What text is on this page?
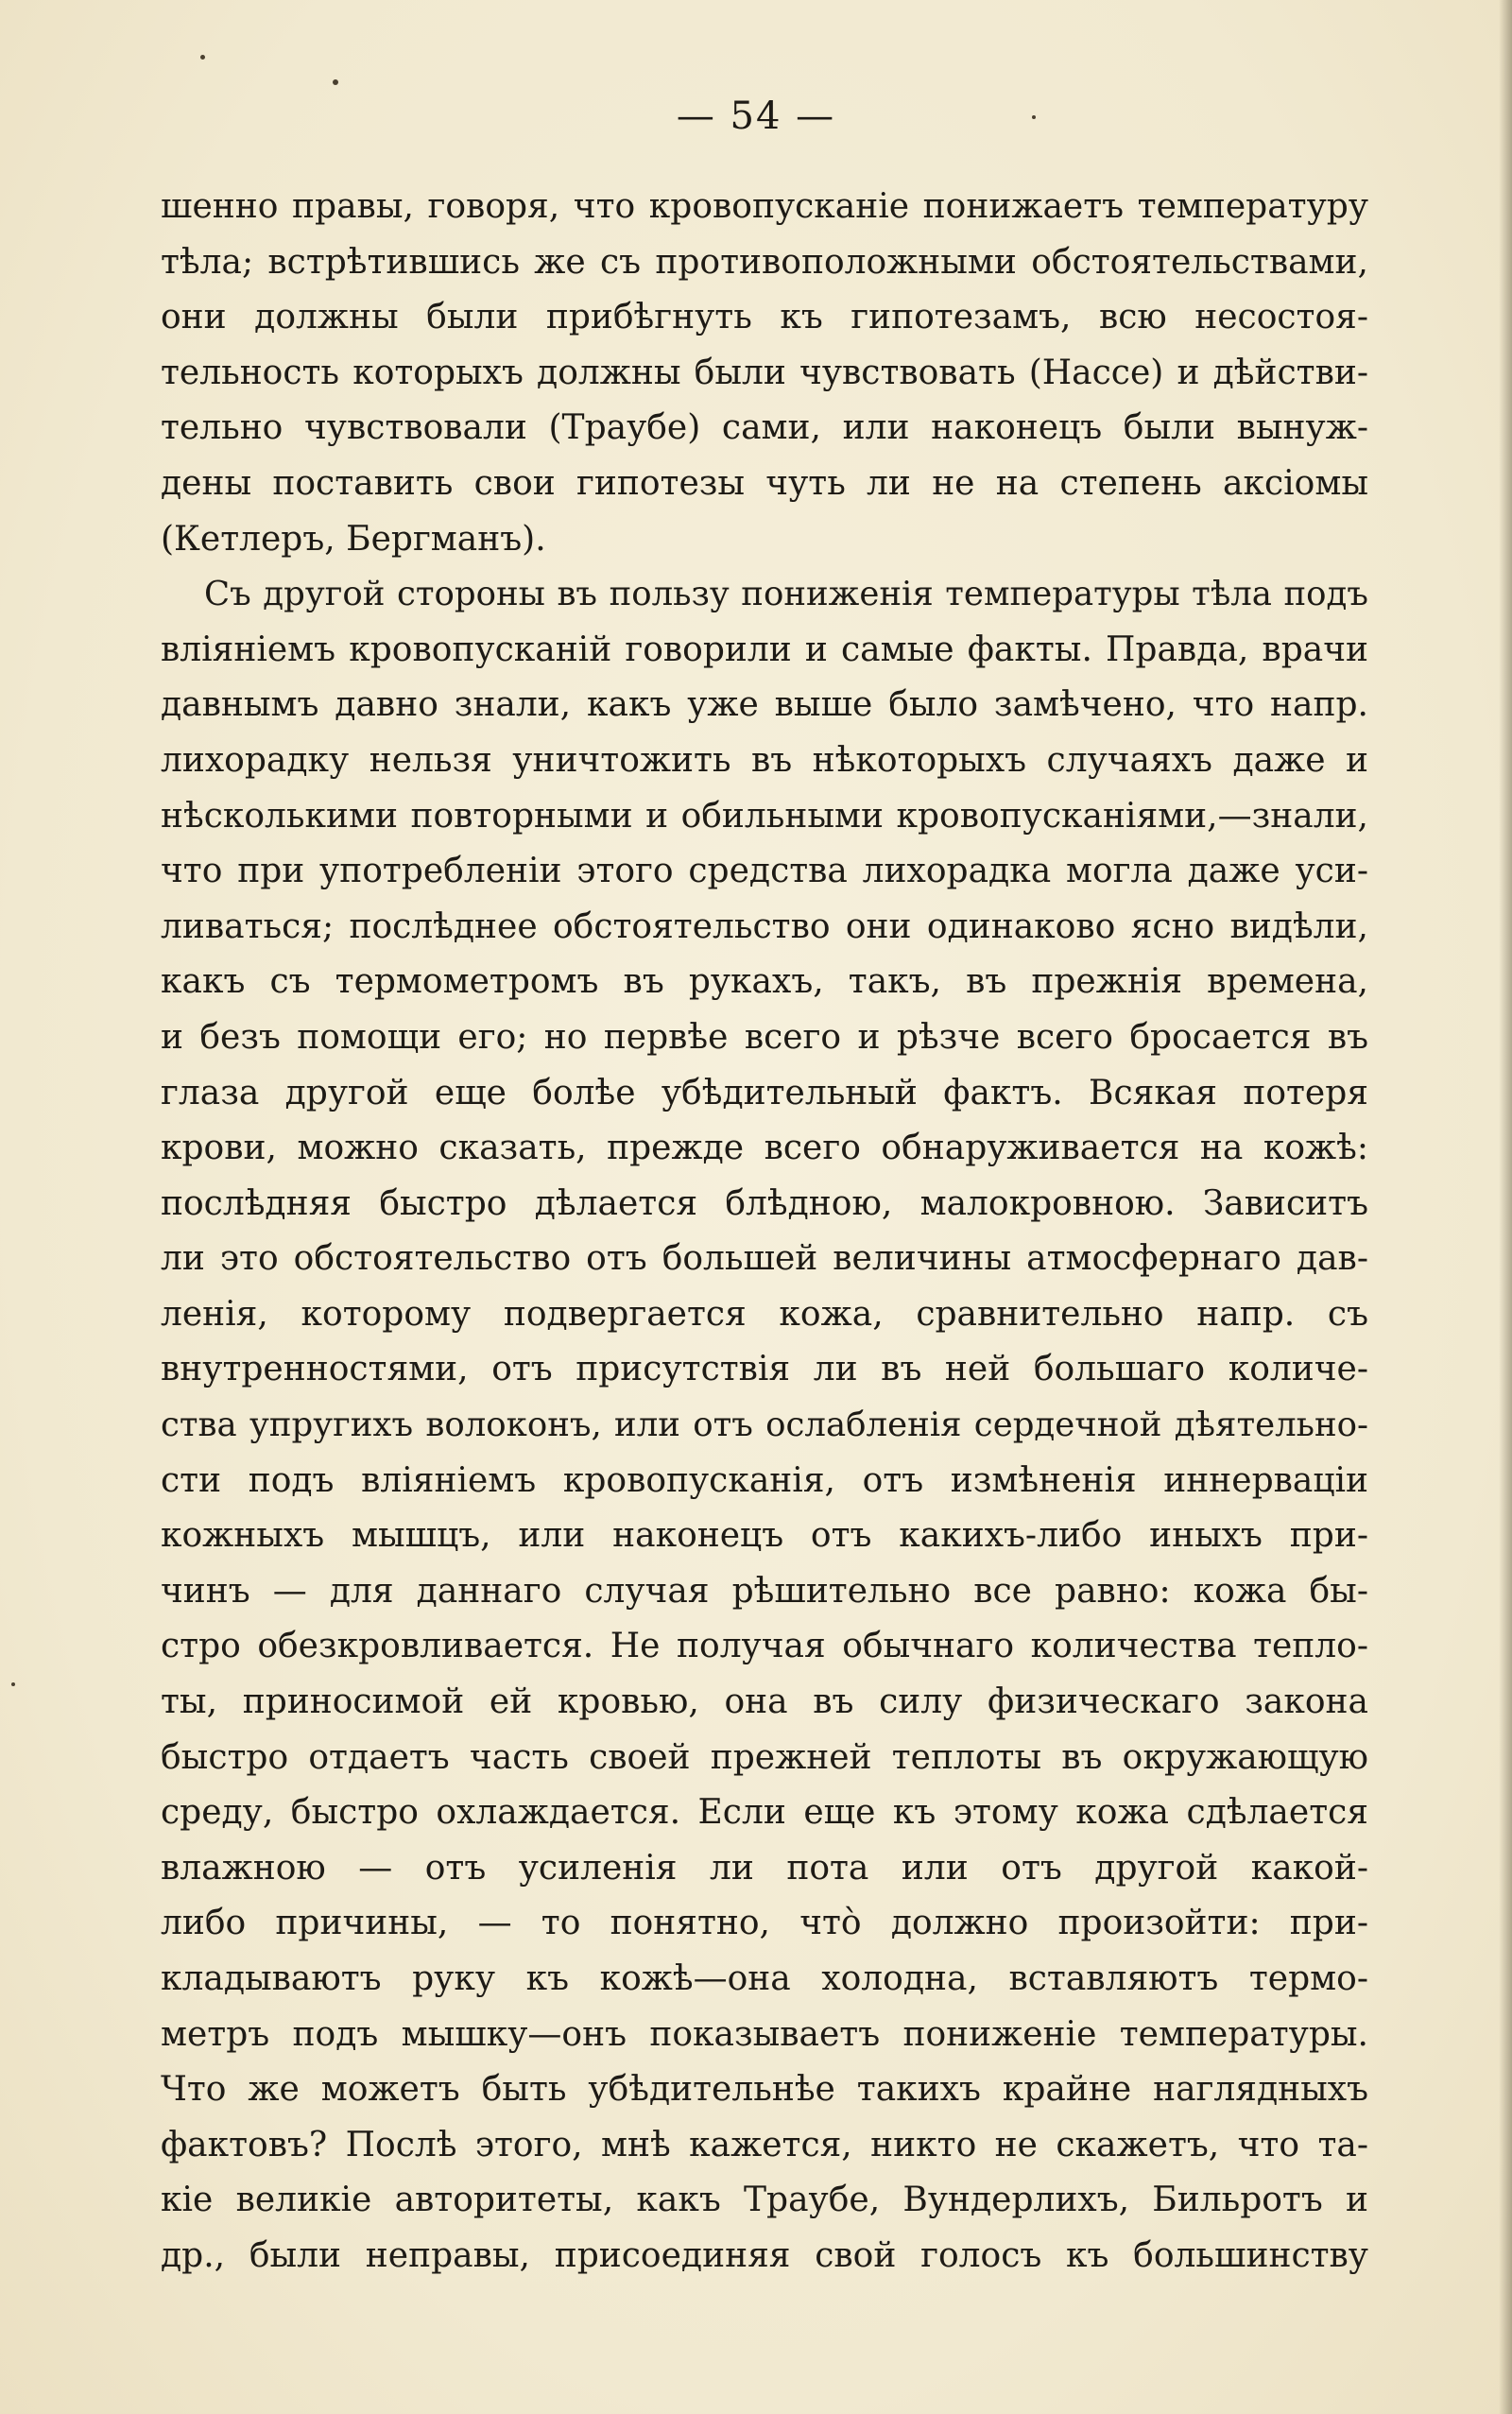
— 54 —
шенно правы, говоря, что кровопусканіе понижаетъ температуру
тѣла; встрѣтившись же съ противоположными обстоятельствами,
они должны были прибѣгнуть къ гипотезамъ, всю несостоя-
тельность которыхъ должны были чувствовать (Нассе) и дѣйстви-
тельно чувствовали (Траубе) сами, или наконецъ были вынуж-
дены поставить свои гипотезы чуть ли не на степень аксіомы
(Кетлеръ, Бергманъ).
Съ другой стороны въ пользу пониженія температуры тѣла подъ
вліяніемъ кровопусканій говорили и самые факты. Правда, врачи
давнымъ давно знали, какъ уже выше было замѣчено, что напр.
лихорадку нельзя уничтожить въ нѣкоторыхъ случаяхъ даже и
нѣсколькими повторными и обильными кровопусканіями,—знали,
что при употребленіи этого средства лихорадка могла даже уси-
ливаться; послѣднее обстоятельство они одинаково ясно видѣли,
какъ съ термометромъ въ рукахъ, такъ, въ прежнія времена,
и безъ помощи его; но первѣе всего и рѣзче всего бросается въ
глаза другой еще болѣе убѣдительный фактъ. Всякая потеря
крови, можно сказать, прежде всего обнаруживается на кожѣ:
послѣдняя быстро дѣлается блѣдною, малокровною. Зависитъ
ли это обстоятельство отъ большей величины атмосфернаго дав-
ленія, которому подвергается кожа, сравнительно напр. съ
внутренностями, отъ присутствія ли въ ней большаго количе-
ства упругихъ волоконъ, или отъ ослабленія сердечной дѣятельно-
сти подъ вліяніемъ кровопусканія, отъ измѣненія иннерваціи
кожныхъ мышцъ, или наконецъ отъ какихъ-либо иныхъ при-
чинъ — для даннаго случая рѣшительно все равно: кожа бы-
стро обезкровливается. Не получая обычнаго количества тепло-
ты, приносимой ей кровью, она въ силу физическаго закона
быстро отдаетъ часть своей прежней теплоты въ окружающую
среду, быстро охлаждается. Если еще къ этому кожа сдѣлается
влажною — отъ усиленія ли пота или отъ другой какой-
либо причины, — то понятно, что̀ должно произойти: при-
кладываютъ руку къ кожѣ—она холодна, вставляютъ термо-
метръ подъ мышку—онъ показываетъ пониженіе температуры.
Что же можетъ быть убѣдительнѣе такихъ крайне наглядныхъ
фактовъ? Послѣ этого, мнѣ кажется, никто не скажетъ, что та-
кіе великіе авторитеты, какъ Траубе, Вундерлихъ, Бильротъ и
др., были неправы, присоединяя свой голосъ къ большинству
